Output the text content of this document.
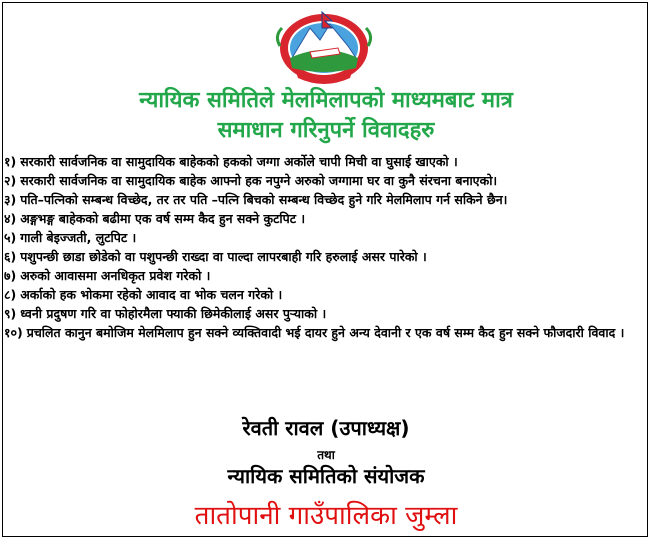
न्यायिक समितिले मेलमिलापको माध्यमबाट मात्र
समाधान गरिनुपर्ने विवादहरु

१) सरकारी सार्वजनिक वा सामुदायिक बाहेकको हकको जग्गा अर्कोले चापी मिची वा घुसाई खाएको ।

२) सरकारी सार्वजनिक वा सामुदायिक बाहेक आफ्नो हक नपुग्ने अरुको जग्गामा घर वा कुनै संरचना बनाएको।

३) पति–पत्निको सम्बन्ध विच्छेद, तर तर पति –पत्नि बिचको सम्बन्ध विच्छेद हुने गरि मेलमिलाप गर्न सकिने छैन।

४) अङ्गभङ्ग बाहेकको बढीमा एक वर्ष सम्म कैद हुन सक्ने कुटपिट ।

५) गाली बेइज्जती, लुटपिट ।

६) पशुपन्छी छाडा छोडेको वा पशुपन्छी राख्दा वा पाल्दा लापरबाही गरि हरुलाई असर पारेको ।

७) अरुको आवासमा अनधिकृत प्रवेश गरेको ।

८) अर्काको हक भोकमा रहेको आवाद वा भोक चलन गरेको ।

९) ध्वनी प्रदुषण गरि वा फोहोरमैला फ्याकी छिमेकीलाई असर पुर्‍याको ।

१०) प्रचलित कानुन बमोजिम मेलमिलाप हुन सक्ने व्यक्तिवादी भई दायर हुने अन्य देवानी र एक वर्ष सम्म कैद हुन सक्ने फौजदारी विवाद ।

रेवती रावल (उपाध्यक्ष)
तथा
न्यायिक समितिको संयोजक
तातोपानी गाउँपालिका जुम्ला
